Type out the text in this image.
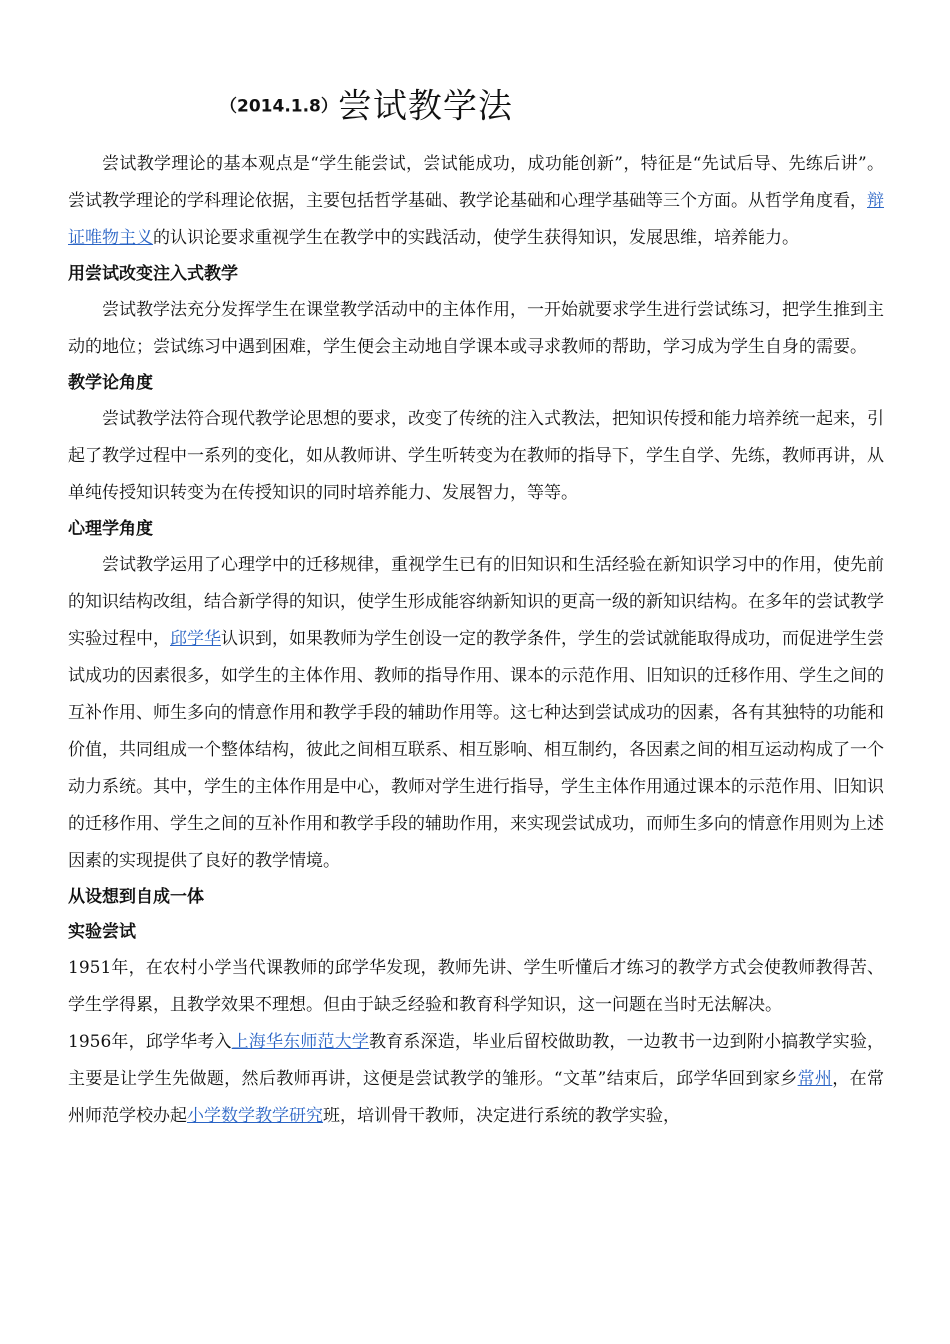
（2014.1.8）尝试教学法

尝试教学理论的基本观点是“学生能尝试，尝试能成功，成功能创新”，特征是“先试后导、先练后讲”。尝试教学理论的学科理论依据，主要包括哲学基础、教学论基础和心理学基础等三个方面。从哲学角度看，辩证唯物主义的认识论要求重视学生在教学中的实践活动，使学生获得知识，发展思维，培养能力。

用尝试改变注入式教学

尝试教学法充分发挥学生在课堂教学活动中的主体作用，一开始就要求学生进行尝试练习，把学生推到主动的地位；尝试练习中遇到困难，学生便会主动地自学课本或寻求教师的帮助，学习成为学生自身的需要。

教学论角度

尝试教学法符合现代教学论思想的要求，改变了传统的注入式教法，把知识传授和能力培养统一起来，引起了教学过程中一系列的变化，如从教师讲、学生听转变为在教师的指导下，学生自学、先练，教师再讲，从单纯传授知识转变为在传授知识的同时培养能力、发展智力，等等。

心理学角度

尝试教学运用了心理学中的迁移规律，重视学生已有的旧知识和生活经验在新知识学习中的作用，使先前的知识结构改组，结合新学得的知识，使学生形成能容纳新知识的更高一级的新知识结构。在多年的尝试教学实验过程中，邱学华认识到，如果教师为学生创设一定的教学条件，学生的尝试就能取得成功，而促进学生尝试成功的因素很多，如学生的主体作用、教师的指导作用、课本的示范作用、旧知识的迁移作用、学生之间的互补作用、师生多向的情意作用和教学手段的辅助作用等。这七种达到尝试成功的因素，各有其独特的功能和价值，共同组成一个整体结构，彼此之间相互联系、相互影响、相互制约，各因素之间的相互运动构成了一个动力系统。其中，学生的主体作用是中心，教师对学生进行指导，学生主体作用通过课本的示范作用、旧知识的迁移作用、学生之间的互补作用和教学手段的辅助作用，来实现尝试成功，而师生多向的情意作用则为上述因素的实现提供了良好的教学情境。

从设想到自成一体
实验尝试

1951年，在农村小学当代课教师的邱学华发现，教师先讲、学生听懂后才练习的教学方式会使教师教得苦、学生学得累，且教学效果不理想。但由于缺乏经验和教育科学知识，这一问题在当时无法解决。

1956年，邱学华考入上海华东师范大学教育系深造，毕业后留校做助教，一边教书一边到附小搞教学实验，主要是让学生先做题，然后教师再讲，这便是尝试教学的雏形。“文革”结束后，邱学华回到家乡常州，在常州师范学校办起小学数学教学研究班，培训骨干教师，决定进行系统的教学实验，
